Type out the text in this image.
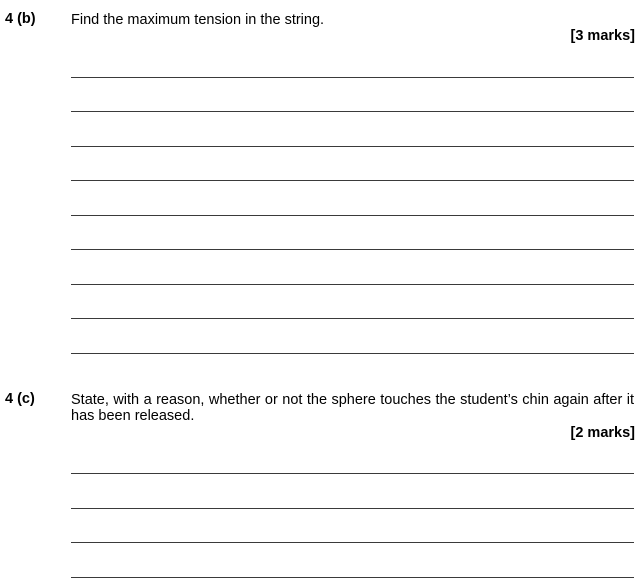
4 (b) Find the maximum tension in the string.
[3 marks]
4 (c) State, with a reason, whether or not the sphere touches the student’s chin again after it has been released.
[2 marks]
